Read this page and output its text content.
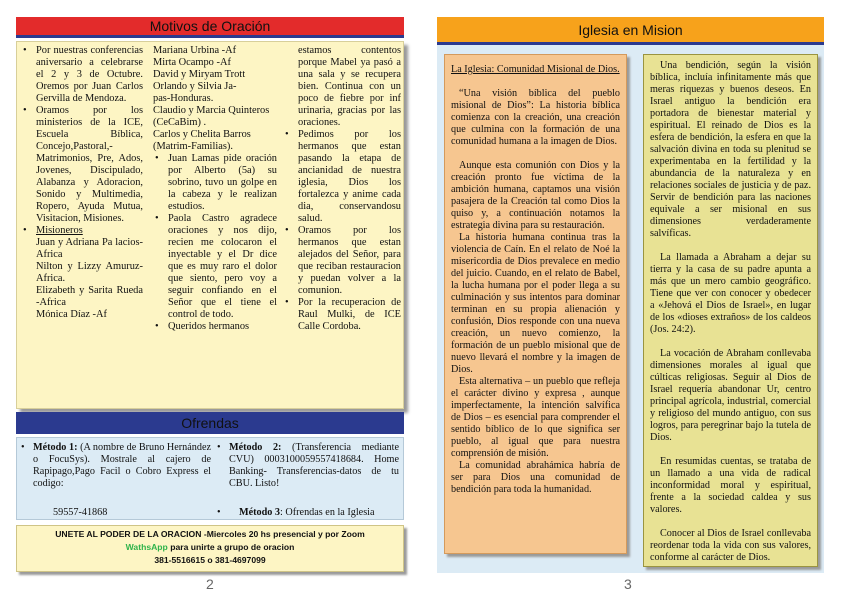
Motivos de Oración
• Por nuestras conferencias aniversario a celebrarse el 2 y 3 de Octubre. Oremos por Juan Carlos Gervilla de Mendoza.
• Oramos por los ministerios de la ICE, Escuela Bíblica, Concejo,Pastoral,-Matrimonios, Pre, Ados, Jovenes, Discipulado, Alabanza y Adoracion, Sonido y Multimedia, Ropero, Ayuda Mutua, Visitacion, Misiones.
• Misioneros

Juan y Adriana Pa lacios- Africa

Nilton y Lizzy Amuruz-Africa.

Elizabeth y Sarita Rueda -Africa

Mónica Díaz -Af

Mariana Urbina -Af

Mirta Ocampo -Af

David y Miryam Trott

Orlando y Silvia Ja-

pas-Honduras.

Claudio y Marcia Quinteros (CeCaBim) .

Carlos y Chelita Barros (Matrim-Familias).

• Juan Lamas pide oración por Alberto (5a) su sobrino, tuvo un golpe en la cabeza y le realizan estudios.
• Paola Castro agradece oraciones y nos dijo, recien me colocaron el inyectable y el Dr dice que es muy raro el dolor que siento, pero voy a seguir confiando en el Señor que el tiene el control de todo.
• Queridos hermanos

estamos contentos porque Mabel ya pasó a una sala y se recupera bien. Continua con un poco de fiebre por inf urinaria, gracias por las oraciones.

• Pedimos por los hermanos que estan pasando la etapa de ancianidad de nuestra iglesia, Dios los fortalezca y anime cada dia, conservandosu salud.
• Oramos por los hermanos que estan alejados del Señor, para que reciban restauracion y puedan volver a la comunion.
• Por la recuperacion de Raul Mulki, de ICE Calle Cordoba.
Ofrendas
• Método 1: (A nombre de Bruno Hernández o FocuSys). Mostrale al cajero de Rapipago,Pago Facil o Cobro Express el codigo:
• Método 2: (Transferencia mediante CVU) 0003100059557418684. Home Banking- Transferencias-datos de tu CBU. Listo!
59557-41868
•	Método 3: Ofrendas en la Iglesia
UNETE AL PODER DE LA ORACION -Miercoles 20 hs presencial y por Zoom
WathsApp para unirte a grupo de oracion
381-5516615 o 381-4697099
2
Iglesia en Mision
La Iglesia: Comunidad Misional de Dios.

“Una visión bíblica del pueblo misional de Dios”: La historia bíblica comienza con la creación, una creación que culmina con la formación de una comunidad humana a la imagen de Dios.

Aunque esta comunión con Dios y la creación pronto fue víctima de la ambición humana, captamos una visión pasajera de la Creación tal como Dios la quiso y, a continuación notamos la estrategia divina para su restauración.

La historia humana continua tras la violencia de Caín. En el relato de Noé la misericordia de Dios prevalece en medio del juicio. Cuando, en el relato de Babel, la lucha humana por el poder llega a su culminación y sus intentos para dominar terminan en su propia alienación y confusión, Dios responde con una nueva creación, un nuevo comienzo, la formación de un pueblo misional que de nuevo llevará el nombre y la imagen de Dios.

Esta alternativa – un pueblo que refleja el carácter divino y expresa , aunque imperfectamente, la intención salvífica de Dios – es esencial para comprender el sentido bíblico de lo que significa ser pueblo, al igual que para nuestra comprensión de misión.

La comunidad abrahámica habría de ser para Dios una comunidad de bendición para toda la humanidad.

Una bendición, según la visión bíblica, incluía infinitamente más que meras riquezas y buenos deseos. En Israel antiguo la bendición era portadora de bienestar material y espiritual. El reinado de Dios es la esfera de bendición, la esfera en que la salvación divina en toda su plenitud se experimentaba en la fertilidad y la abundancia de la naturaleza y en relaciones sociales de justicia y de paz. Servir de bendición para las naciones equivale a ser misional en sus dimensiones verdaderamente salvíficas.

La llamada a Abraham a dejar su tierra y la casa de su padre apunta a más que un mero cambio geográfico. Tiene que ver con conocer y obedecer a «Jehová el Dios de Israel», en lugar de los «dioses extraños» de los caldeos (Jos. 24:2).

La vocación de Abraham conllevaba dimensiones morales al igual que cúlticas religiosas. Seguir al Dios de Israel requería abandonar Ur, centro principal agrícola, industrial, comercial y religioso del mundo antiguo, con sus logros, para peregrinar bajo la tutela de Dios.

En resumidas cuentas, se trataba de un llamado a una vida de radical inconformidad moral y espiritual, frente a la sociedad caldea y sus valores.

Conocer al Dios de Israel conllevaba reordenar toda la vida con sus valores, conforme al carácter de Dios.

3
